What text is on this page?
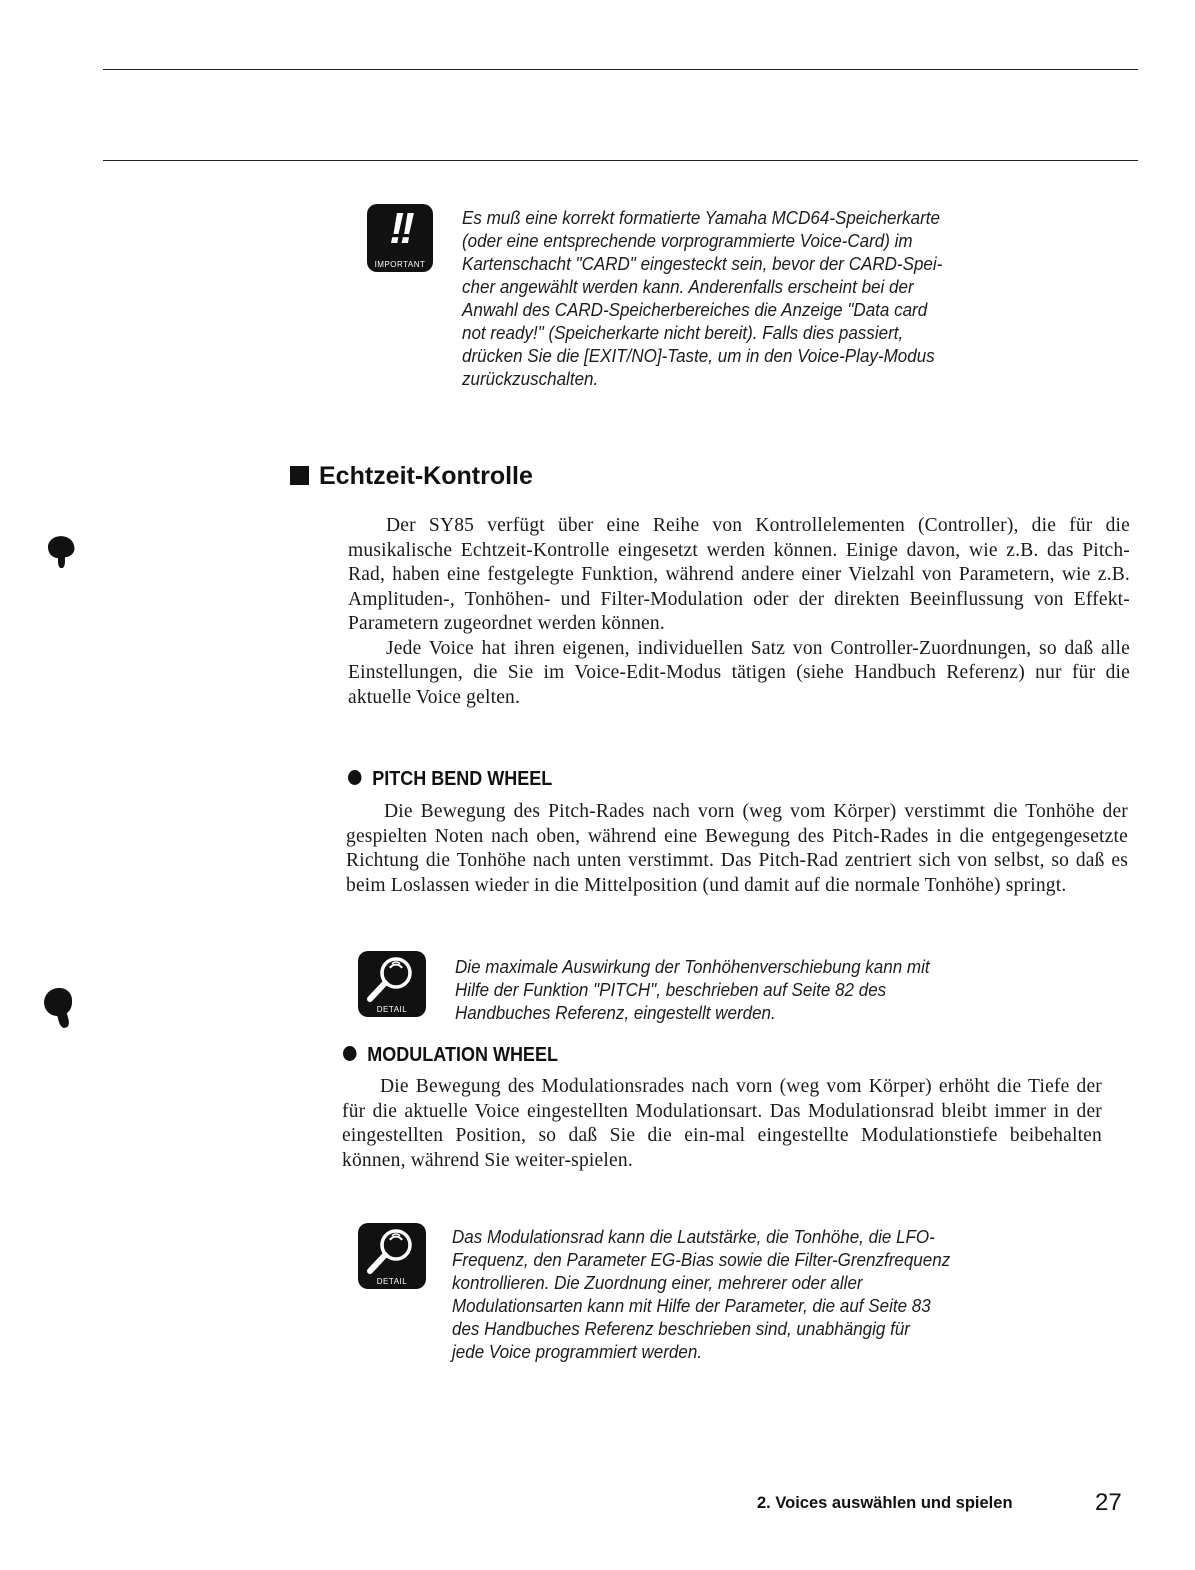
!!
IMPORTANT
Es muß eine korrekt formatierte Yamaha MCD64-Speicherkarte
(oder eine entsprechende vorprogrammierte Voice-Card) im
Kartenschacht "CARD" eingesteckt sein, bevor der CARD-Spei-
cher angewählt werden kann. Anderenfalls erscheint bei der
Anwahl des CARD-Speicherbereiches die Anzeige "Data card
not ready!" (Speicherkarte nicht bereit). Falls dies passiert,
drücken Sie die [EXIT/NO]-Taste, um in den Voice-Play-Modus
zurückzuschalten.
Echtzeit-Kontrolle

Der SY85 verfügt über eine Reihe von Kontrollelementen (Controller), die für die musikalische Echtzeit-Kontrolle eingesetzt werden können. Einige davon, wie z.B. das Pitch-Rad, haben eine festgelegte Funktion, während andere einer Vielzahl von Parametern, wie z.B. Amplituden-, Tonhöhen- und Filter-Modulation oder der direkten Beeinflussung von Effekt-Parametern zugeordnet werden können.

Jede Voice hat ihren eigenen, individuellen Satz von Controller-Zuordnungen, so daß alle Einstellungen, die Sie im Voice-Edit-Modus tätigen (siehe Handbuch Referenz) nur für die aktuelle Voice gelten.

PITCH BEND WHEEL

Die Bewegung des Pitch-Rades nach vorn (weg vom Körper) verstimmt die Tonhöhe der gespielten Noten nach oben, während eine Bewegung des Pitch-Rades in die entgegengesetzte Richtung die Tonhöhe nach unten verstimmt. Das Pitch-Rad zentriert sich von selbst, so daß es beim Loslassen wieder in die Mittelposition (und damit auf die normale Tonhöhe) springt.

DETAIL
Die maximale Auswirkung der Tonhöhenverschiebung kann mit
Hilfe der Funktion "PITCH", beschrieben auf Seite 82 des
Handbuches Referenz, eingestellt werden.
MODULATION WHEEL

Die Bewegung des Modulationsrades nach vorn (weg vom Körper) erhöht die Tiefe der für die aktuelle Voice eingestellten Modulationsart. Das Modulationsrad bleibt immer in der eingestellten Position, so daß Sie die ein-mal eingestellte Modulationstiefe beibehalten können, während Sie weiter-spielen.

DETAIL
Das Modulationsrad kann die Lautstärke, die Tonhöhe, die LFO-
Frequenz, den Parameter EG-Bias sowie die Filter-Grenzfrequenz
kontrollieren. Die Zuordnung einer, mehrerer oder aller
Modulationsarten kann mit Hilfe der Parameter, die auf Seite 83
des Handbuches Referenz beschrieben sind, unabhängig für
jede Voice programmiert werden.
2. Voices auswählen und spielen	27
